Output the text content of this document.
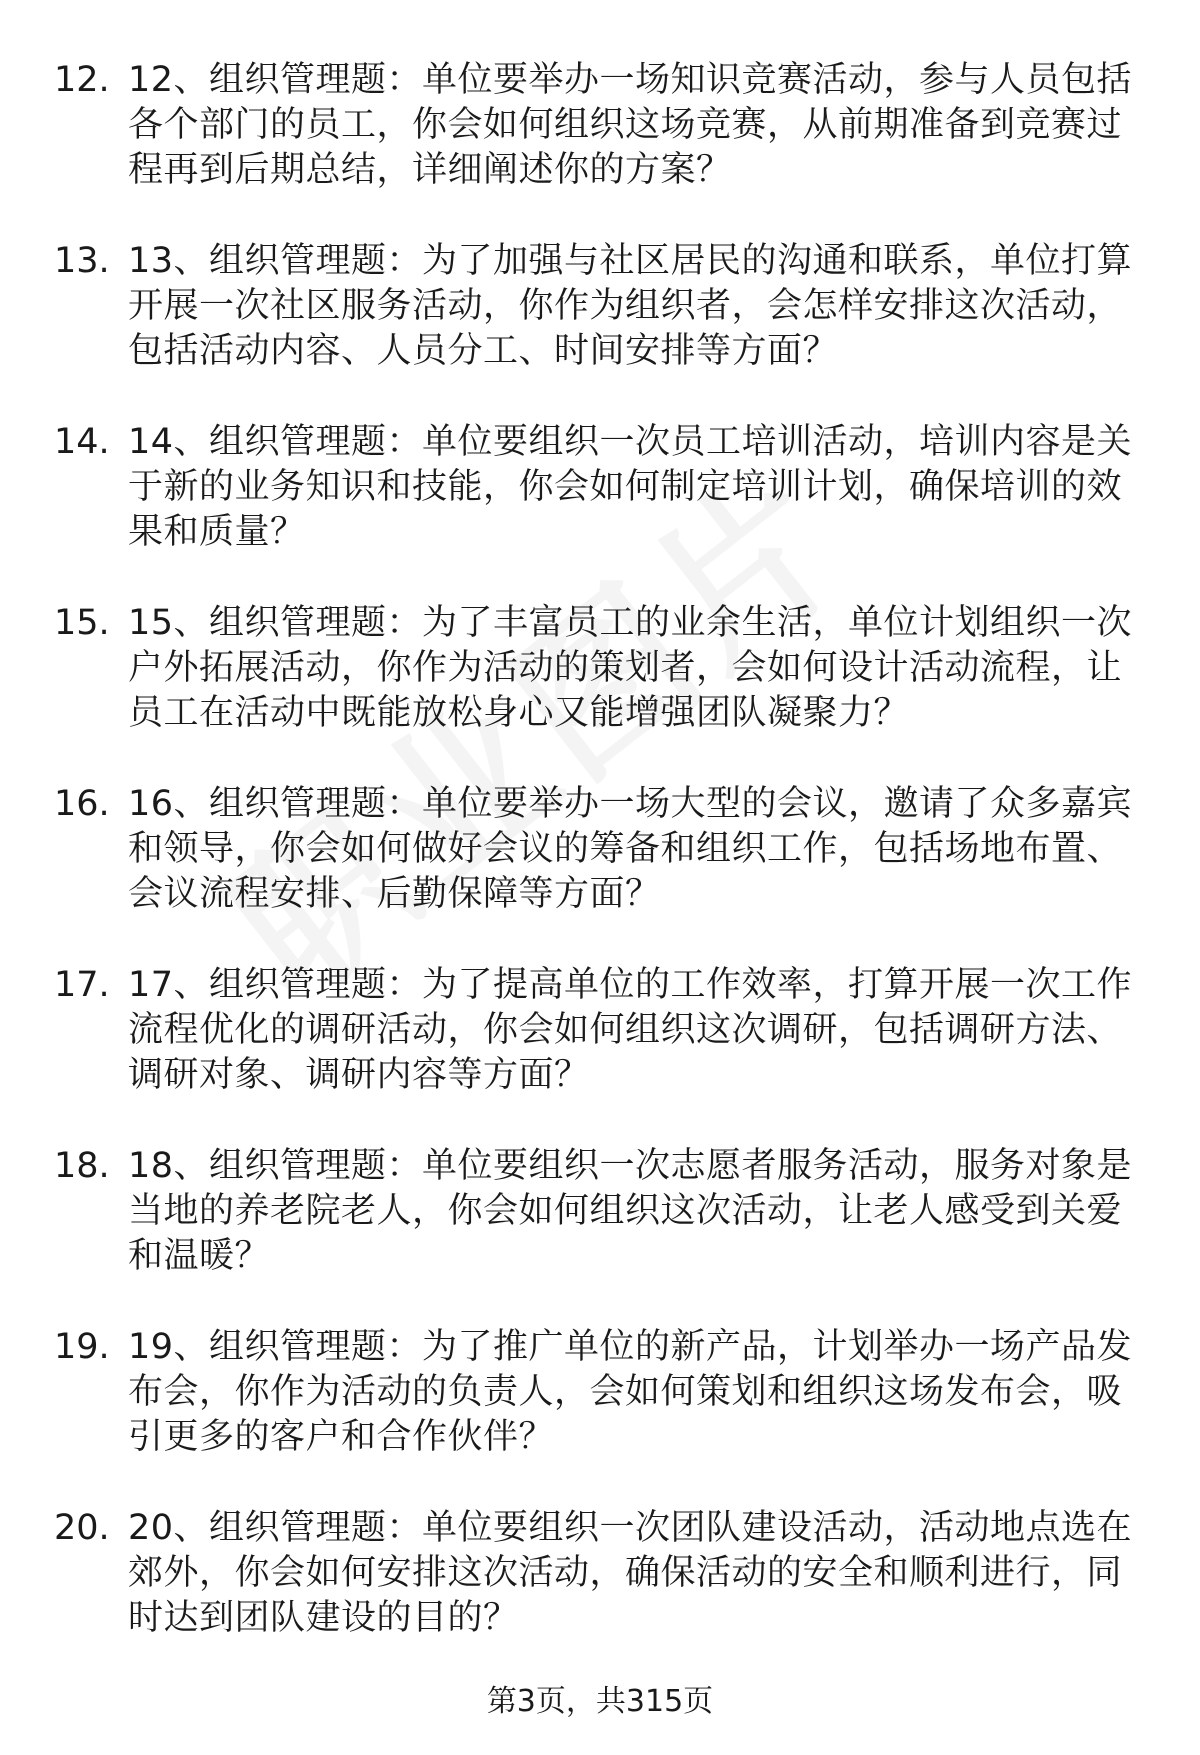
12. 12、组织管理题：单位要举办一场知识竞赛活动，参与人员包括各个部门的员工，你会如何组织这场竞赛，从前期准备到竞赛过程再到后期总结，详细阐述你的方案？
13. 13、组织管理题：为了加强与社区居民的沟通和联系，单位打算开展一次社区服务活动，你作为组织者，会怎样安排这次活动，包括活动内容、人员分工、时间安排等方面？
14. 14、组织管理题：单位要组织一次员工培训活动，培训内容是关于新的业务知识和技能，你会如何制定培训计划，确保培训的效果和质量？
15. 15、组织管理题：为了丰富员工的业余生活，单位计划组织一次户外拓展活动，你作为活动的策划者，会如何设计活动流程，让员工在活动中既能放松身心又能增强团队凝聚力？
16. 16、组织管理题：单位要举办一场大型的会议，邀请了众多嘉宾和领导，你会如何做好会议的筹备和组织工作，包括场地布置、会议流程安排、后勤保障等方面？
17. 17、组织管理题：为了提高单位的工作效率，打算开展一次工作流程优化的调研活动，你会如何组织这次调研，包括调研方法、调研对象、调研内容等方面？
18. 18、组织管理题：单位要组织一次志愿者服务活动，服务对象是当地的养老院老人，你会如何组织这次活动，让老人感受到关爱和温暖？
19. 19、组织管理题：为了推广单位的新产品，计划举办一场产品发布会，你作为活动的负责人，会如何策划和组织这场发布会，吸引更多的客户和合作伙伴？
20. 20、组织管理题：单位要组织一次团队建设活动，活动地点选在郊外，你会如何安排这次活动，确保活动的安全和顺利进行，同时达到团队建设的目的？
第3页，共315页
